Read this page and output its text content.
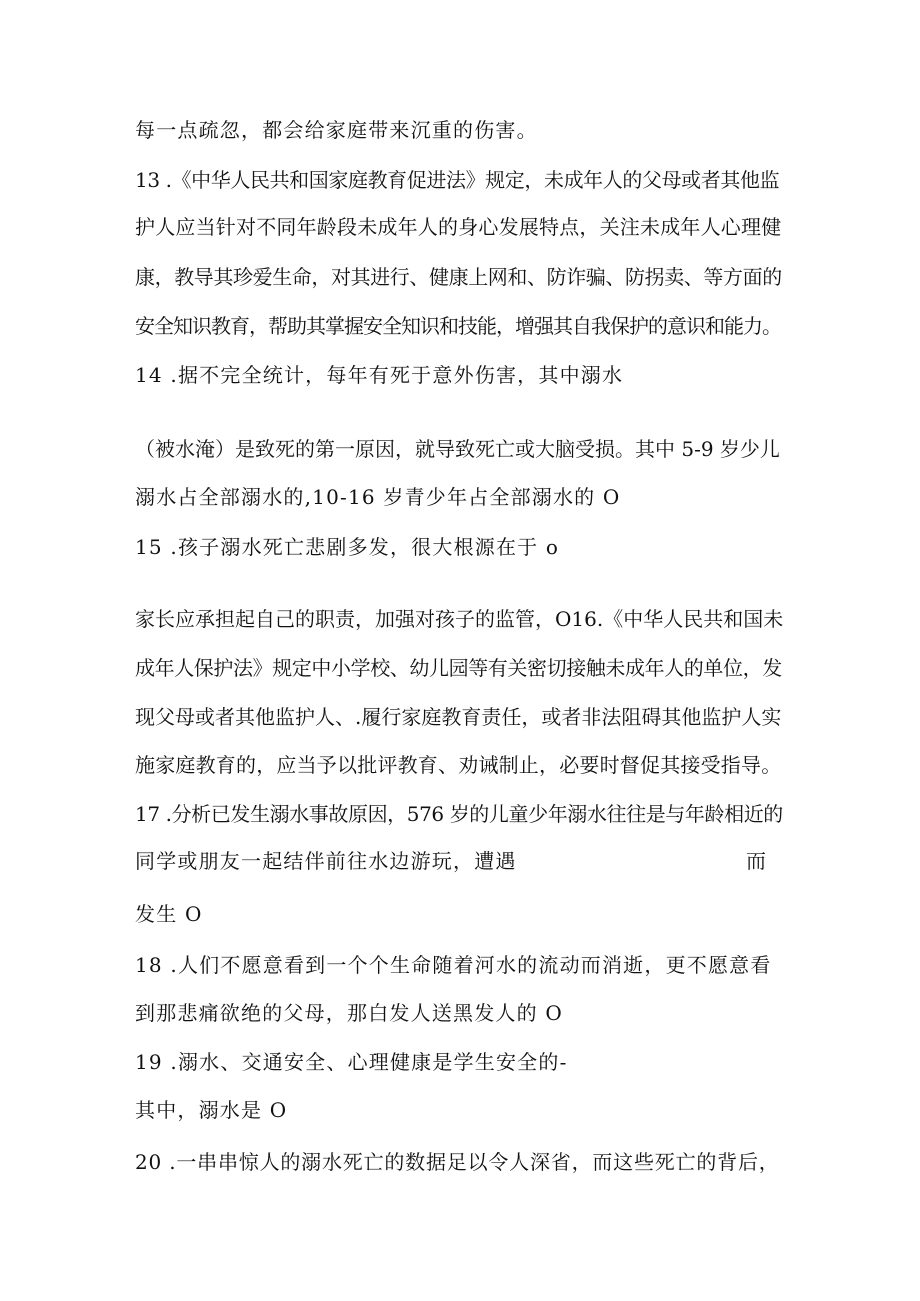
每一点疏忽，都会给家庭带来沉重的伤害。
13 .《中华人民共和国家庭教育促进法》规定，未成年人的父母或者其他监
护人应当针对不同年龄段未成年人的身心发展特点，关注未成年人心理健
康，教导其珍爱生命，对其进行、健康上网和、防诈骗、防拐卖、等方面的
安全知识教育，帮助其掌握安全知识和技能，增强其自我保护的意识和能力。
14 .据不完全统计，每年有死于意外伤害，其中溺水
（被水淹）是致死的第一原因，就导致死亡或大脑受损。其中 5-9 岁少儿
溺水占全部溺水的,10-16 岁青少年占全部溺水的 O
15 .孩子溺水死亡悲剧多发，很大根源在于 o
家长应承担起自己的职责，加强对孩子的监管，O16.《中华人民共和国未
成年人保护法》规定中小学校、幼儿园等有关密切接触未成年人的单位，发
现父母或者其他监护人、.履行家庭教育责任，或者非法阻碍其他监护人实
施家庭教育的，应当予以批评教育、劝诫制止，必要时督促其接受指导。
17 .分析已发生溺水事故原因，576 岁的儿童少年溺水往往是与年龄相近的
同学或朋友一起结伴前往水边游玩，遭遇	而
发生 O
18 .人们不愿意看到一个个生命随着河水的流动而消逝，更不愿意看
到那悲痛欲绝的父母，那白发人送黑发人的 O
19 .溺水、交通安全、心理健康是学生安全的-
其中，溺水是 O
20 .一串串惊人的溺水死亡的数据足以令人深省，而这些死亡的背后，
